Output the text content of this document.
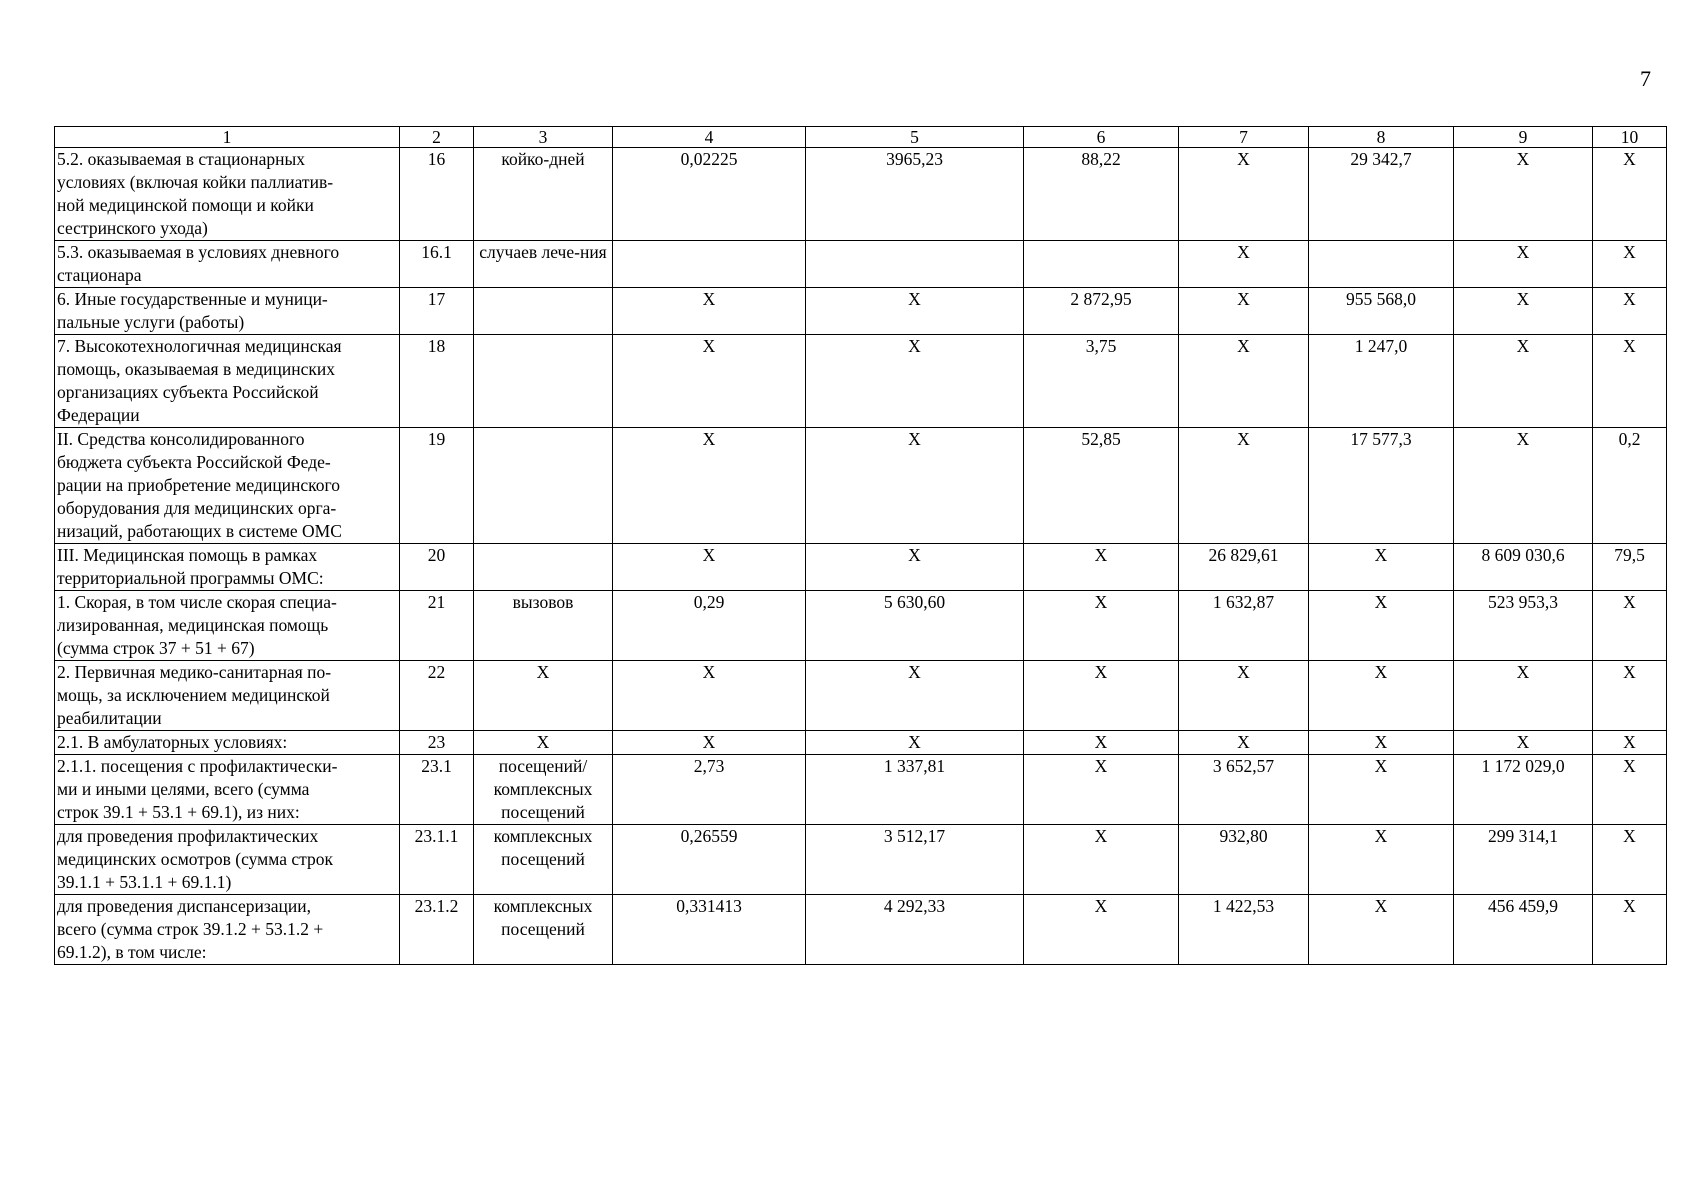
7
1	2	3	4	5	6	7	8	9	10

5.2. оказываемая в стационарных
условиях (включая койки паллиатив-
ной медицинской помощи и койки
сестринского ухода)	16	койко-дней	0,02225	3965,23	88,22	X	29 342,7	X	X

5.3. оказываемая в условиях дневного
стационара	16.1	случаев лече-ния				X		X	X

6. Иные государственные и муници-
пальные услуги (работы)	17		X	X	2 872,95	X	955 568,0	X	X

7. Высокотехнологичная медицинская
помощь, оказываемая в медицинских
организациях субъекта Российской
Федерации	18		X	X	3,75	X	1 247,0	X	X

II. Средства консолидированного
бюджета субъекта Российской Феде-
рации на приобретение медицинского
оборудования для медицинских орга-
низаций, работающих в системе ОМС	19		X	X	52,85	X	17 577,3	X	0,2

III. Медицинская помощь в рамках
территориальной программы ОМС:	20		X	X	X	26 829,61	X	8 609 030,6	79,5

1. Скорая, в том числе скорая специа-
лизированная, медицинская помощь
(сумма строк 37 + 51 + 67)	21	вызовов	0,29	5 630,60	X	1 632,87	X	523 953,3	X

2. Первичная медико-санитарная по-
мощь, за исключением медицинской
реабилитации	22	X	X	X	X	X	X	X	X

2.1. В амбулаторных условиях:	23	X	X	X	X	X	X	X	X

2.1.1. посещения с профилактически-
ми и иными целями, всего (сумма
строк 39.1 + 53.1 + 69.1), из них:	23.1	посещений/ комплексных посещений	2,73	1 337,81	X	3 652,57	X	1 172 029,0	X

для проведения профилактических
медицинских осмотров (сумма строк
39.1.1 + 53.1.1 + 69.1.1)	23.1.1	комплексных посещений	0,26559	3 512,17	X	932,80	X	299 314,1	X

для проведения диспансеризации,
всего (сумма строк 39.1.2 + 53.1.2 +
69.1.2), в том числе:	23.1.2	комплексных посещений	0,331413	4 292,33	X	1 422,53	X	456 459,9	X
